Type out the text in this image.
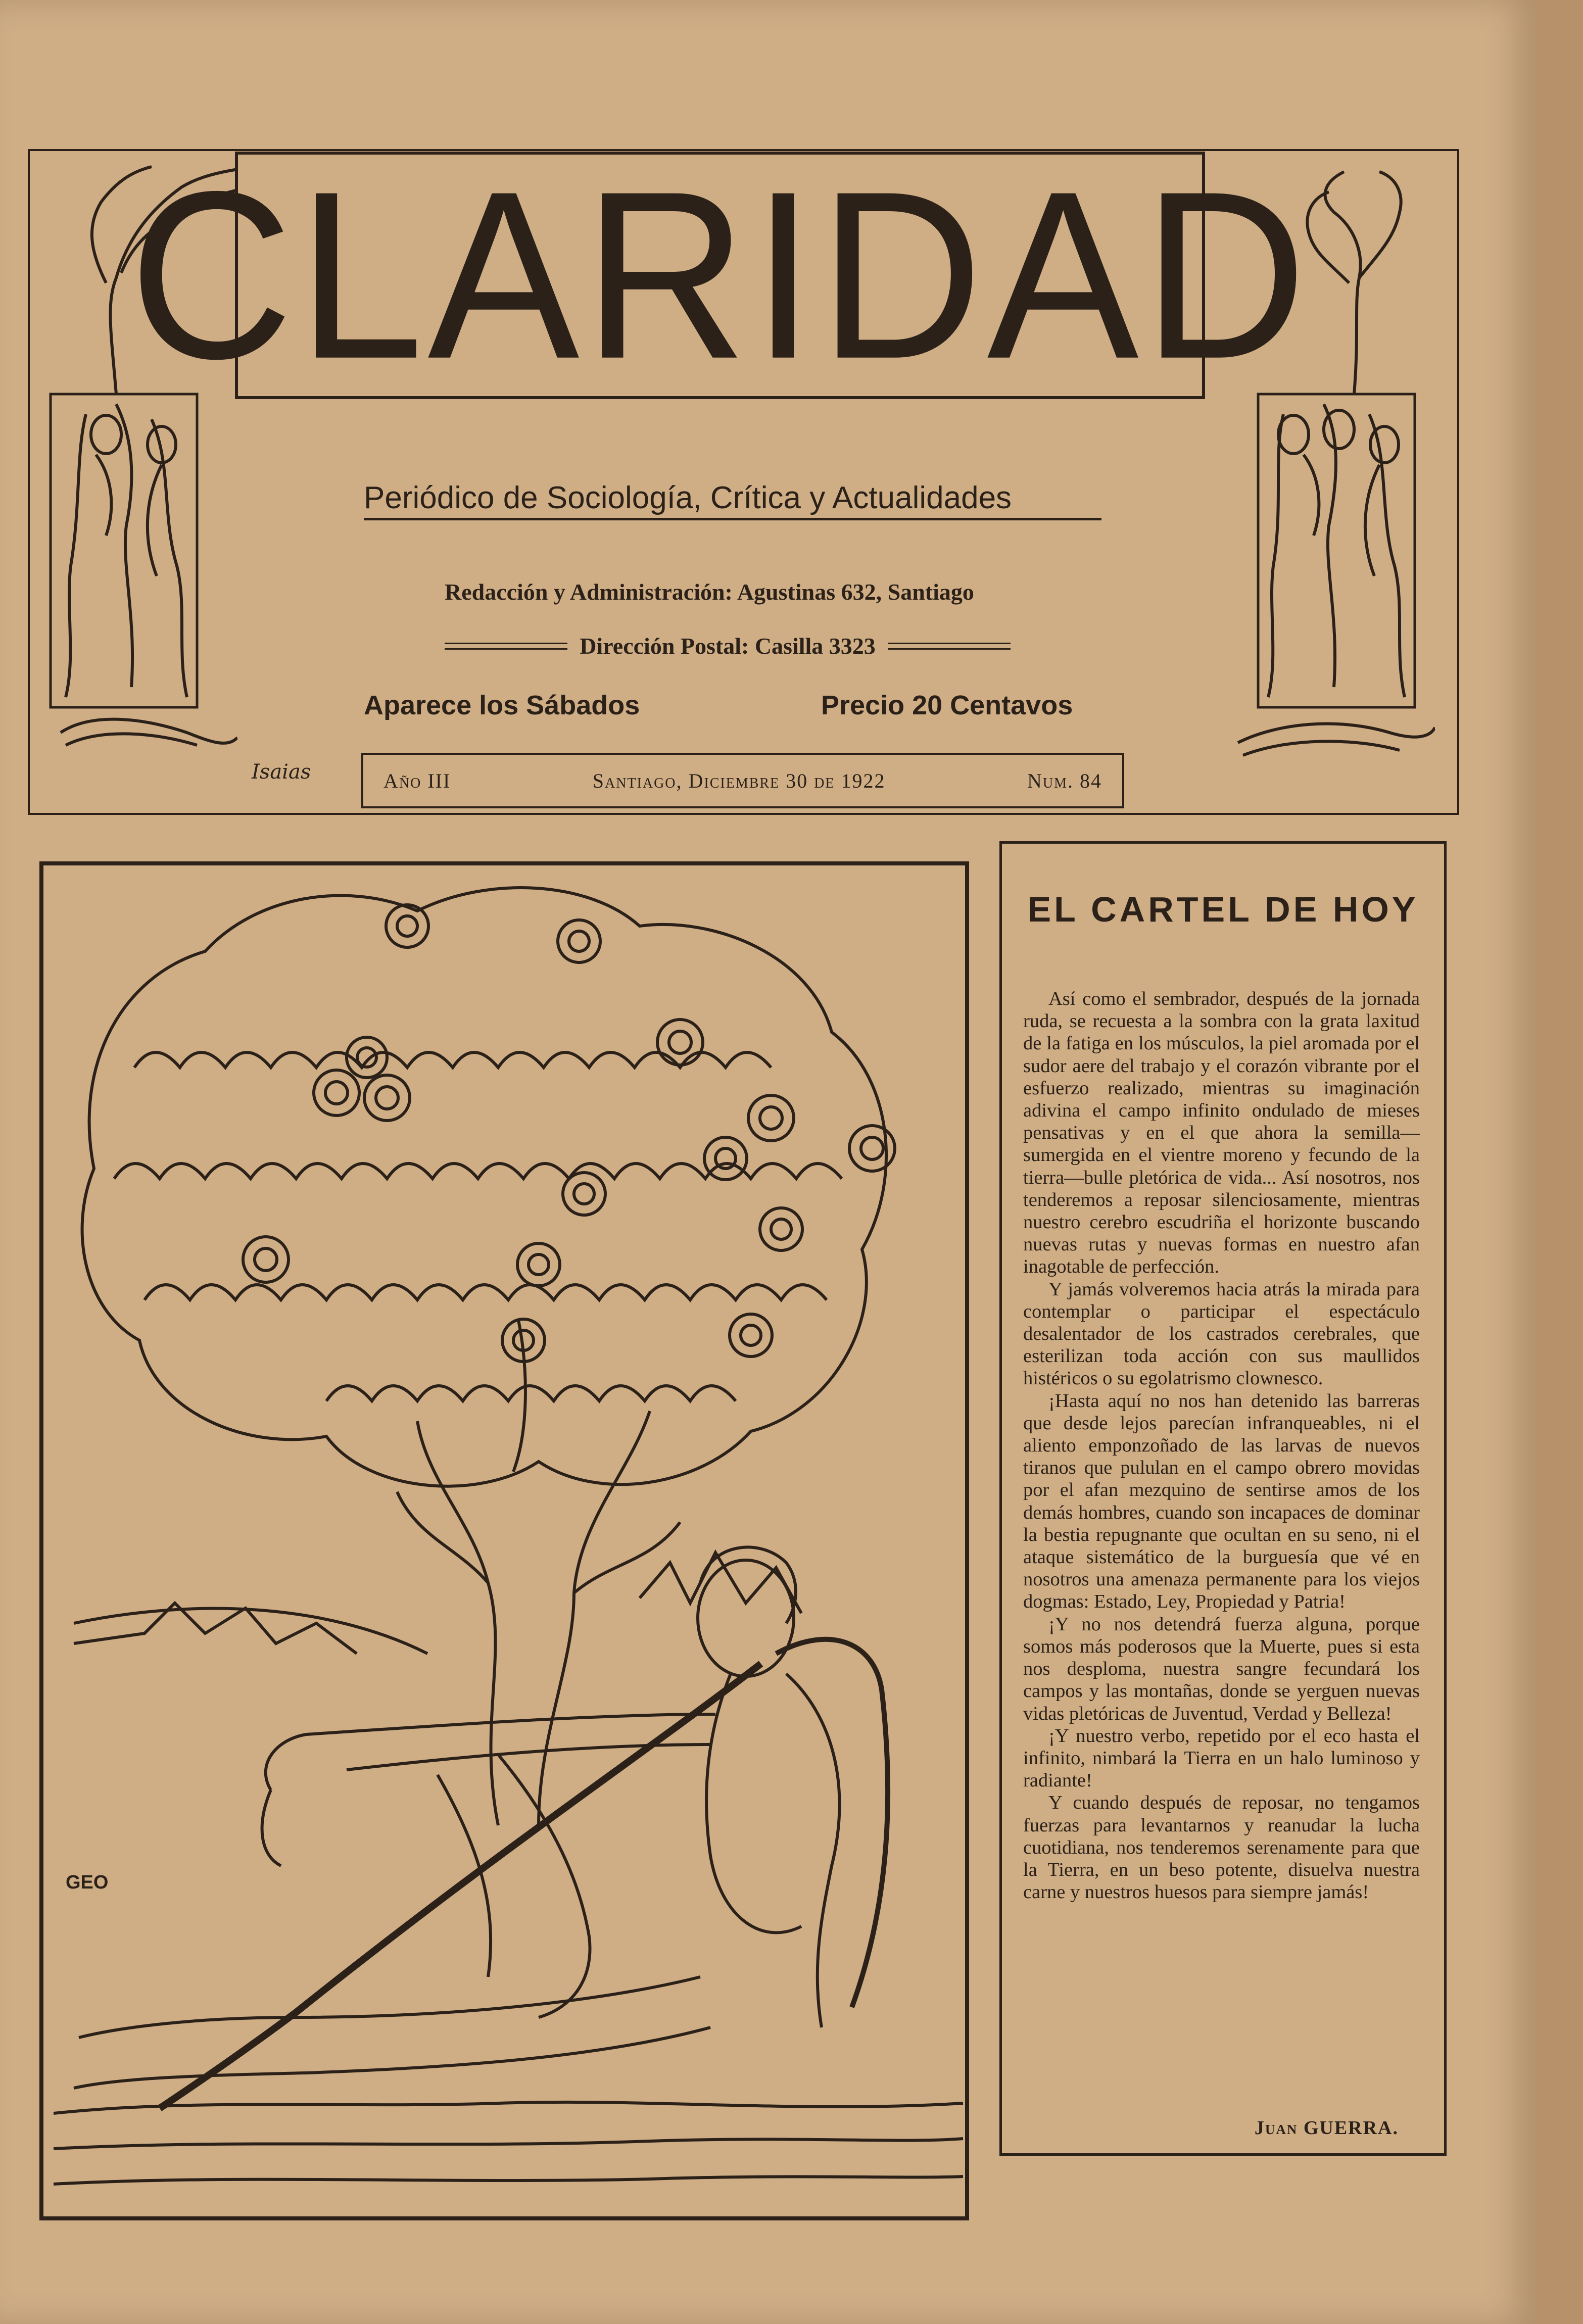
CLARIDAD
Periódico de Sociología, Crítica y Actualidades
Redacción y Administración: Agustinas 632, Santiago
Dirección Postal: Casilla 3323
Aparece los Sábados	Precio 20 Centavos
Isaias	Año III	Santiago, Diciembre 30 de 1922	Num. 84
GEO
EL CARTEL DE HOY

Así como el sembrador, después de la jornada ruda, se recuesta a la sombra con la grata laxitud de la fatiga en los músculos, la piel aromada por el sudor aere del trabajo y el corazón vibrante por el esfuerzo realizado, mientras su imaginación adivina el campo infinito ondulado de mieses pensativas y en el que ahora la semilla—sumergida en el vientre moreno y fecundo de la tierra—bulle pletórica de vida... Así nosotros, nos tenderemos a reposar silenciosamente, mientras nuestro cerebro escudriña el horizonte buscando nuevas rutas y nuevas formas en nuestro afan inagotable de perfección.

Y jamás volveremos hacia atrás la mirada para contemplar o participar el espectáculo desalentador de los castrados cerebrales, que esterilizan toda acción con sus maullidos histéricos o su egolatrismo clownesco.

¡Hasta aquí no nos han detenido las barreras que desde lejos parecían infranqueables, ni el aliento emponzoñado de las larvas de nuevos tiranos que pululan en el campo obrero movidas por el afan mezquino de sentirse amos de los demás hombres, cuando son incapaces de dominar la bestia repugnante que ocultan en su seno, ni el ataque sistemático de la burguesía que vé en nosotros una amenaza permanente para los viejos dogmas: Estado, Ley, Propiedad y Patria!

¡Y no nos detendrá fuerza alguna, porque somos más poderosos que la Muerte, pues si esta nos desploma, nuestra sangre fecundará los campos y las montañas, donde se yerguen nuevas vidas pletóricas de Juventud, Verdad y Belleza!

¡Y nuestro verbo, repetido por el eco hasta el infinito, nimbará la Tierra en un halo luminoso y radiante!

Y cuando después de reposar, no tengamos fuerzas para levantarnos y reanudar la lucha cuotidiana, nos tenderemos serenamente para que la Tierra, en un beso potente, disuelva nuestra carne y nuestros huesos para siempre jamás!

Juan GUERRA.
